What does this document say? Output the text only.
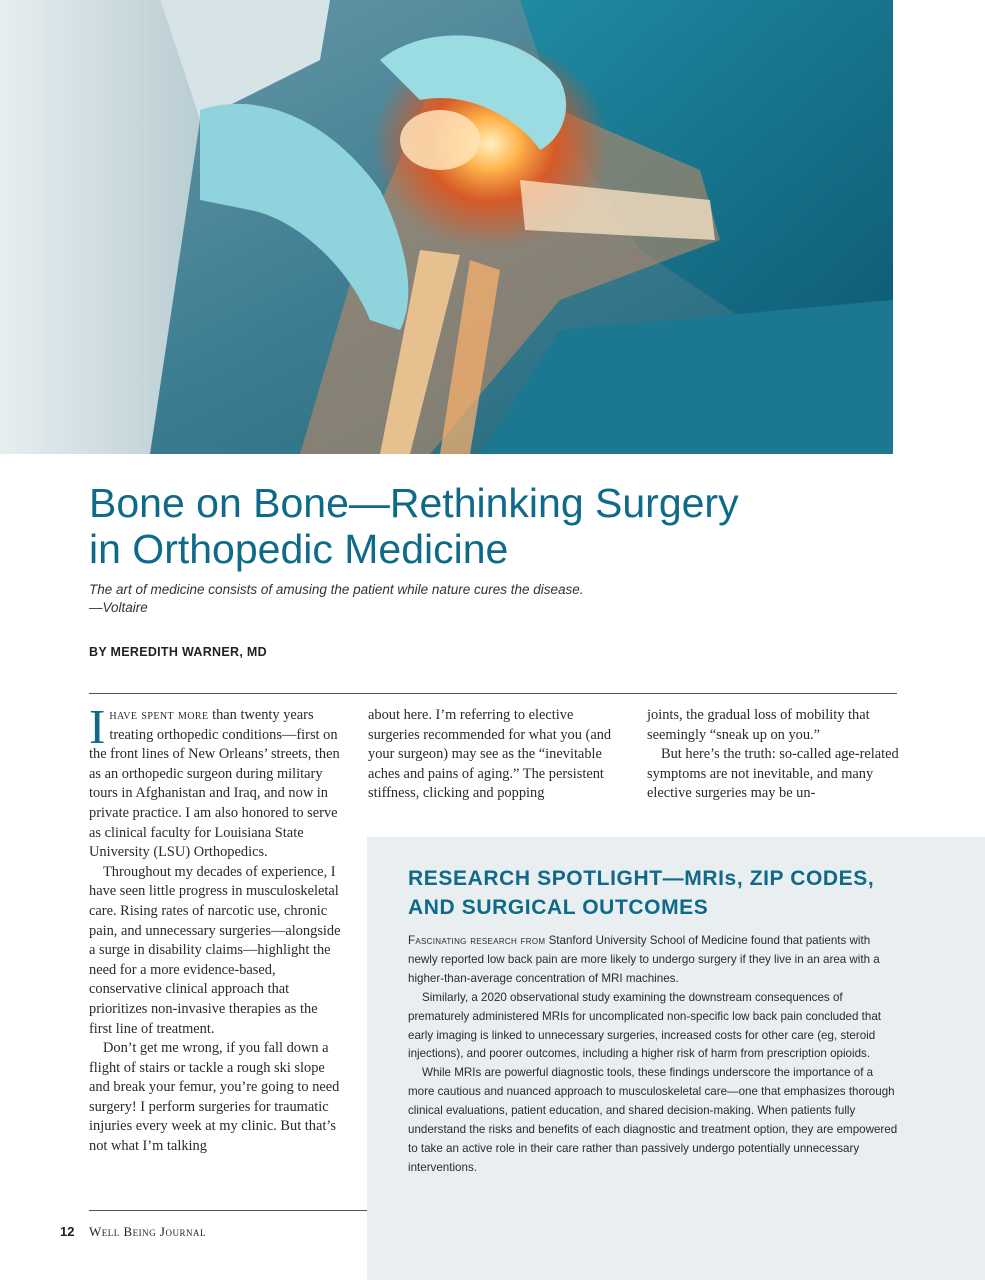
Bone on Bone—Rethinking Surgery
in Orthopedic Medicine
The art of medicine consists of amusing the patient while nature cures the disease.
—Voltaire
BY MEREDITH WARNER, MD

Ihave spent more than twenty years treating orthopedic conditions—first on the front lines of New Orleans’ streets, then as an orthopedic surgeon during military tours in Afghanistan and Iraq, and now in private practice. I am also honored to serve as clinical faculty for Louisiana State University (LSU) Orthopedics.

Throughout my decades of experience, I have seen little progress in musculoskeletal care. Rising rates of narcotic use, chronic pain, and unnecessary surgeries—alongside a surge in disability claims—highlight the need for a more evidence-based, conservative clinical approach that prioritizes non-invasive therapies as the first line of treatment.

Don’t get me wrong, if you fall down a flight of stairs or tackle a rough ski slope and break your femur, you’re going to need surgery! I perform surgeries for traumatic injuries every week at my clinic. But that’s not what I’m talking

about here. I’m referring to elective surgeries recommended for what you (and your surgeon) may see as the “inevitable aches and pains of aging.” The persistent stiffness, clicking and popping

joints, the gradual loss of mobility that seemingly “sneak up on you.”

But here’s the truth: so-called age-related symptoms are not inevitable, and many elective surgeries may be un-

RESEARCH SPOTLIGHT—MRIs, ZIP CODES, AND SURGICAL OUTCOMES

Fascinating research from Stanford University School of Medicine found that patients with newly reported low back pain are more likely to undergo surgery if they live in an area with a higher-than-average concentration of MRI machines.

Similarly, a 2020 observational study examining the downstream consequences of prematurely administered MRIs for uncomplicated non-specific low back pain concluded that early imaging is linked to unnecessary surgeries, increased costs for other care (eg, steroid injections), and poorer outcomes, including a higher risk of harm from prescription opioids.

While MRIs are powerful diagnostic tools, these findings underscore the importance of a more cautious and nuanced approach to musculoskeletal care—one that emphasizes thorough clinical evaluations, patient education, and shared decision-making. When patients fully understand the risks and benefits of each diagnostic and treatment option, they are empowered to take an active role in their care rather than passively undergo potentially unnecessary interventions.

12 Well Being Journal
